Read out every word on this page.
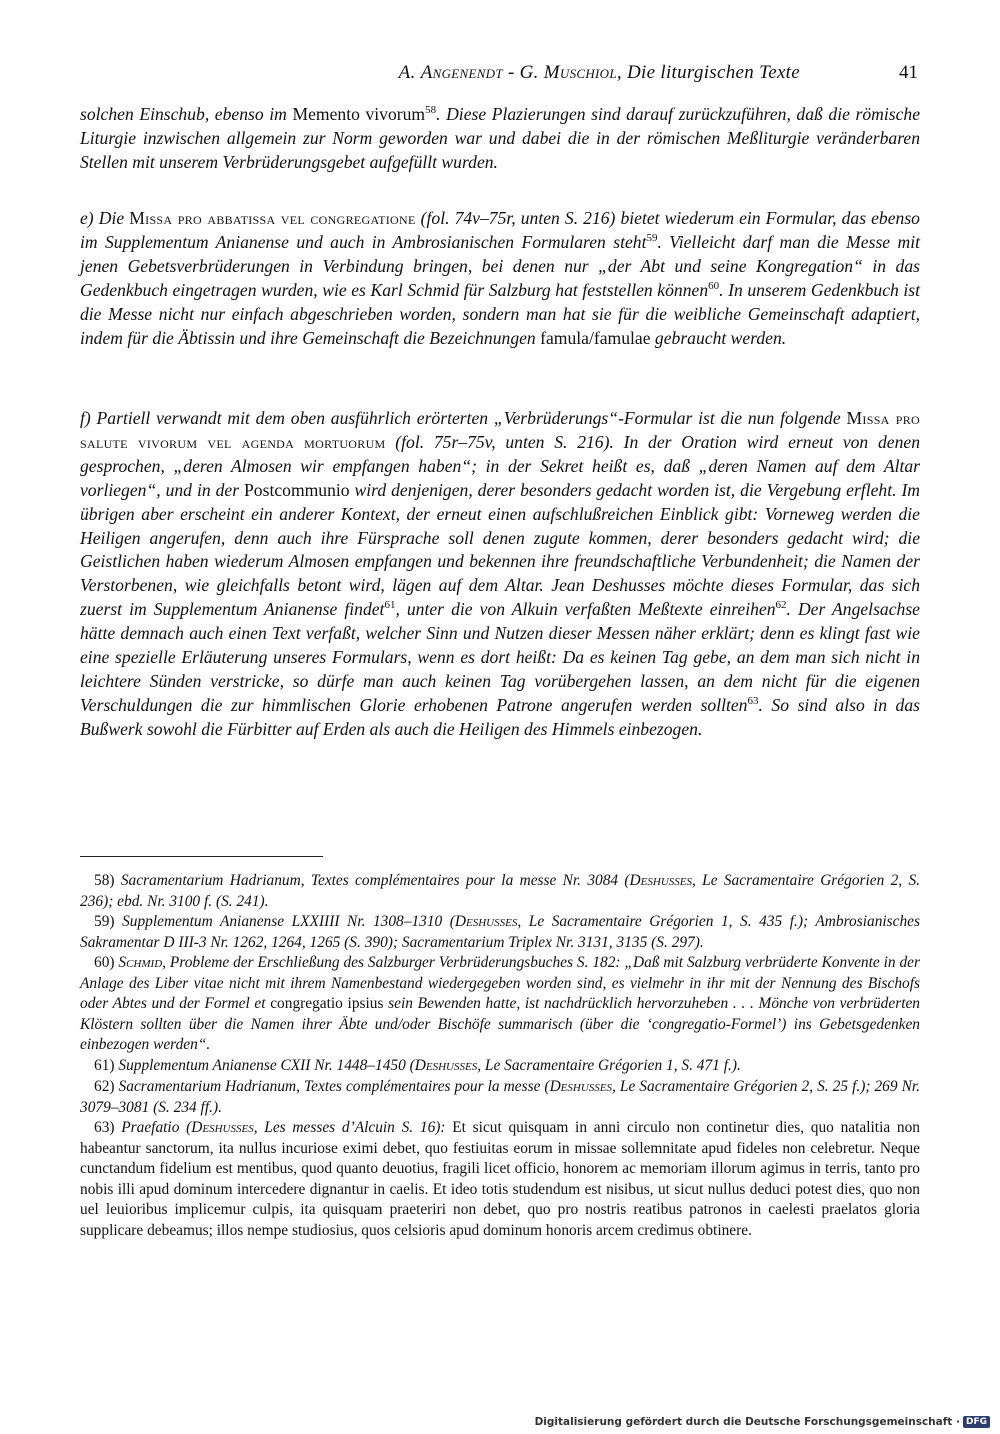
A. Angenendt - G. Muschiol, Die liturgischen Texte	41
solchen Einschub, ebenso im Memento vivorum$^{58}$. Diese Plazierungen sind darauf zurückzuführen, daß die römische Liturgie inzwischen allgemein zur Norm geworden war und dabei die in der römischen Meßliturgie veränderbaren Stellen mit unserem Verbrüderungsgebet aufgefüllt wurden.
e) Die Missa pro abbatissa vel congregatione (fol. 74v–75r, unten S. 216) bietet wiederum ein Formular, das ebenso im Supplementum Anianense und auch in Ambrosianischen Formularen steht$^{59}$. Vielleicht darf man die Messe mit jenen Gebetsverbrüderungen in Verbindung bringen, bei denen nur „der Abt und seine Kongregation“ in das Gedenkbuch eingetragen wurden, wie es Karl Schmid für Salzburg hat feststellen können$^{60}$. In unserem Gedenkbuch ist die Messe nicht nur einfach abgeschrieben worden, sondern man hat sie für die weibliche Gemeinschaft adaptiert, indem für die Äbtissin und ihre Gemeinschaft die Bezeichnungen famula/famulae gebraucht werden.
f) Partiell verwandt mit dem oben ausführlich erörterten „Verbrüderungs“-Formular ist die nun folgende Missa pro salute vivorum vel agenda mortuorum (fol. 75r–75v, unten S. 216). In der Oration wird erneut von denen gesprochen, „deren Almosen wir empfangen haben“; in der Sekret heißt es, daß „deren Namen auf dem Altar vorliegen“, und in der Postcommunio wird denjenigen, derer besonders gedacht worden ist, die Vergebung erfleht. Im übrigen aber erscheint ein anderer Kontext, der erneut einen aufschlußreichen Einblick gibt: Vorneweg werden die Heiligen angerufen, denn auch ihre Fürsprache soll denen zugute kommen, derer besonders gedacht wird; die Geistlichen haben wiederum Almosen empfangen und bekennen ihre freundschaftliche Verbundenheit; die Namen der Verstorbenen, wie gleichfalls betont wird, lägen auf dem Altar. Jean Deshusses möchte dieses Formular, das sich zuerst im Supplementum Anianense findet$^{61}$, unter die von Alkuin verfaßten Meßtexte einreihen$^{62}$. Der Angelsachse hätte demnach auch einen Text verfaßt, welcher Sinn und Nutzen dieser Messen näher erklärt; denn es klingt fast wie eine spezielle Erläuterung unseres Formulars, wenn es dort heißt: Da es keinen Tag gebe, an dem man sich nicht in leichtere Sünden verstricke, so dürfe man auch keinen Tag vorübergehen lassen, an dem nicht für die eigenen Verschuldungen die zur himmlischen Glorie erhobenen Patrone angerufen werden sollten$^{63}$. So sind also in das Bußwerk sowohl die Fürbitter auf Erden als auch die Heiligen des Himmels einbezogen.
58) Sacramentarium Hadrianum, Textes complémentaires pour la messe Nr. 3084 (Deshusses, Le Sacramentaire Grégorien 2, S. 236); ebd. Nr. 3100 f. (S. 241).
59) Supplementum Anianense LXXIIII Nr. 1308–1310 (Deshusses, Le Sacramentaire Grégorien 1, S. 435 f.); Ambrosianisches Sakramentar D III-3 Nr. 1262, 1264, 1265 (S. 390); Sacramentarium Triplex Nr. 3131, 3135 (S. 297).
60) Schmid, Probleme der Erschließung des Salzburger Verbrüderungsbuches S. 182: „Daß mit Salzburg verbrüderte Konvente in der Anlage des Liber vitae nicht mit ihrem Namenbestand wiedergegeben worden sind, es vielmehr in ihr mit der Nennung des Bischofs oder Abtes und der Formel et congregatio ipsius sein Bewenden hatte, ist nachdrücklich hervorzuheben . . . Mönche von verbrüderten Klöstern sollten über die Namen ihrer Äbte und/oder Bischöfe summarisch (über die ‘congregatio-Formel’) ins Gebetsgedenken einbezogen werden“.
61) Supplementum Anianense CXII Nr. 1448–1450 (Deshusses, Le Sacramentaire Grégorien 1, S. 471 f.).
62) Sacramentarium Hadrianum, Textes complémentaires pour la messe (Deshusses, Le Sacramentaire Grégorien 2, S. 25 f.); 269 Nr. 3079–3081 (S. 234 ff.).
63) Praefatio (Deshusses, Les messes d’Alcuin S. 16): Et sicut quisquam in anni circulo non continetur dies, quo natalitia non habeantur sanctorum, ita nullus incuriose eximi debet, quo festiuitas eorum in missae sollemnitate apud fideles non celebretur. Neque cunctandum fidelium est mentibus, quod quanto deuotius, fragili licet officio, honorem ac memoriam illorum agimus in terris, tanto pro nobis illi apud dominum intercedere dignantur in caelis. Et ideo totis studendum est nisibus, ut sicut nullus deduci potest dies, quo non uel leuioribus implicemur culpis, ita quisquam praeteriri non debet, quo pro nostris reatibus patronos in caelesti praelatos gloria supplicare debeamus; illos nempe studiosius, quos celsioris apud dominum honoris arcem credimus obtinere.
Digitalisierung gefördert durch die Deutsche Forschungsgemeinschaft · DFG
